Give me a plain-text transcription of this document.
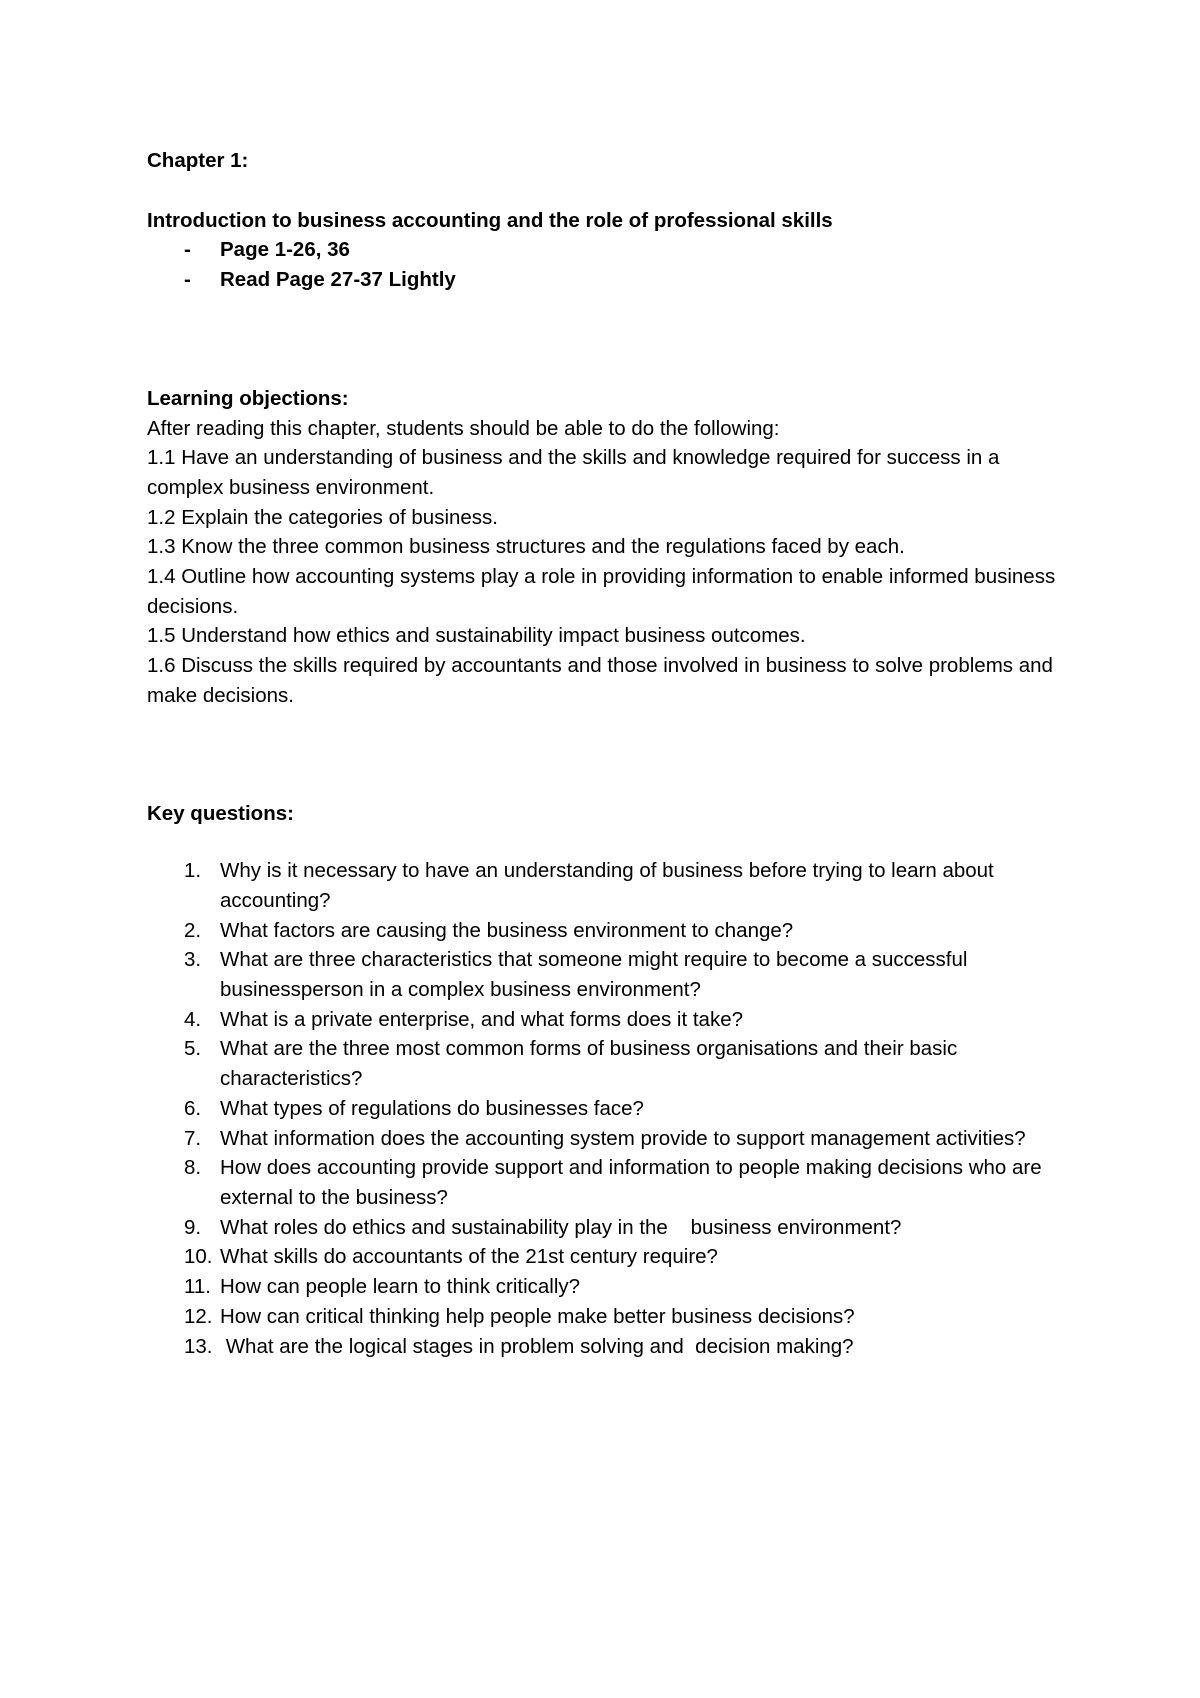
Chapter 1:

Introduction to business accounting and the role of professional skills

- Page 1-26, 36
- Read Page 27-37 Lightly

Learning objections:

After reading this chapter, students should be able to do the following:

1.1 Have an understanding of business and the skills and knowledge required for success in a complex business environment.

1.2 Explain the categories of business.

1.3 Know the three common business structures and the regulations faced by each.

1.4 Outline how accounting systems play a role in providing information to enable informed business decisions.

1.5 Understand how ethics and sustainability impact business outcomes.

1.6 Discuss the skills required by accountants and those involved in business to solve problems and make decisions.

Key questions:

1. Why is it necessary to have an understanding of business before trying to learn about accounting?
2. What factors are causing the business environment to change?
3. What are three characteristics that someone might require to become a successful businessperson in a complex business environment?
4. What is a private enterprise, and what forms does it take?
5. What are the three most common forms of business organisations and their basic characteristics?
6. What types of regulations do businesses face?
7. What information does the accounting system provide to support management activities?
8. How does accounting provide support and information to people making decisions who are external to the business?
9. What roles do ethics and sustainability play in the    business environment?
10. What skills do accountants of the 21st century require?
11. How can people learn to think critically?
12. How can critical thinking help people make better business decisions?
13. What are the logical stages in problem solving and  decision making?
